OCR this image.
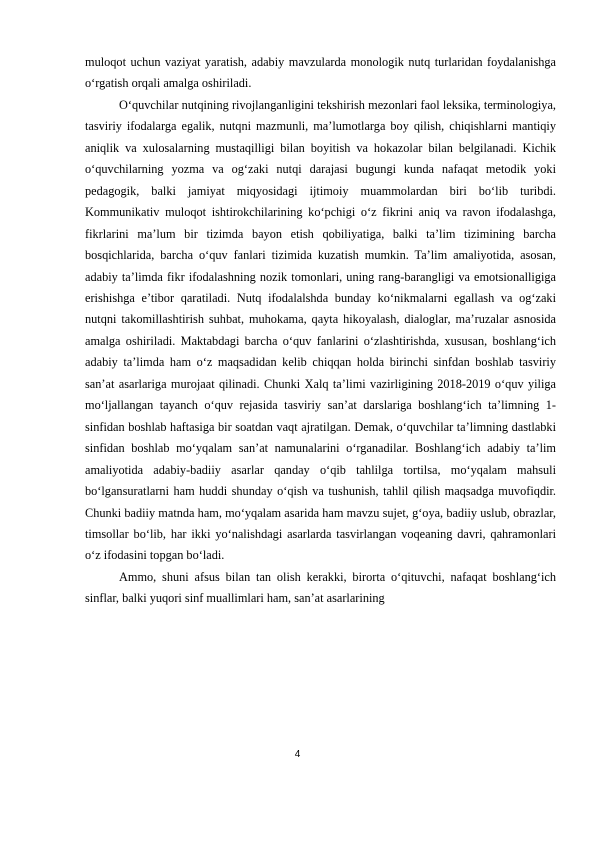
muloqot uchun vaziyat yaratish, adabiy mavzularda monologik nutq turlaridan foydalanishga o‘rgatish orqali amalga oshiriladi.

O‘quvchilar nutqining rivojlanganligini tekshirish mezonlari faol leksika, terminologiya, tasviriy ifodalarga egalik, nutqni mazmunli, ma’lumotlarga boy qilish, chiqishlarni mantiqiy aniqlik va xulosalarning mustaqilligi bilan boyitish va hokazolar bilan belgilanadi. Kichik o‘quvchilarning yozma va og‘zaki nutqi darajasi bugungi kunda nafaqat metodik yoki pedagogik, balki jamiyat miqyosidagi ijtimoiy muammolardan biri bo‘lib turibdi. Kommunikativ muloqot ishtirokchilarining ko‘pchigi o‘z fikrini aniq va ravon ifodalashga, fikrlarini ma’lum bir tizimda bayon etish qobiliyatiga, balki ta’lim tizimining barcha bosqichlarida, barcha o‘quv fanlari tizimida kuzatish mumkin. Ta’lim amaliyotida, asosan, adabiy ta’limda fikr ifodalashning nozik tomonlari, uning rang-barangligi va emotsionalligiga erishishga e’tibor qaratiladi. Nutq ifodalalshda bunday ko‘nikmalarni egallash va og‘zaki nutqni takomillashtirish suhbat, muhokama, qayta hikoyalash, dialoglar, ma’ruzalar asnosida amalga oshiriladi. Maktabdagi barcha o‘quv fanlarini o‘zlashtirishda, xususan, boshlang‘ich adabiy ta’limda ham o‘z maqsadidan kelib chiqqan holda birinchi sinfdan boshlab tasviriy san’at asarlariga murojaat qilinadi. Chunki Xalq ta’limi vazirligining 2018-2019 o‘quv yiliga mo‘ljallangan tayanch o‘quv rejasida tasviriy san’at darslariga boshlang‘ich ta’limning 1-sinfidan boshlab haftasiga bir soatdan vaqt ajratilgan. Demak, o‘quvchilar ta’limning dastlabki sinfidan boshlab mo‘yqalam san’at namunalarini o‘rganadilar. Boshlang‘ich adabiy ta’lim amaliyotida adabiy-badiiy asarlar qanday o‘qib tahlilga tortilsa, mo‘yqalam mahsuli bo‘lgansuratlarni ham huddi shunday o‘qish va tushunish, tahlil qilish maqsadga muvofiqdir. Chunki badiiy matnda ham, mo‘yqalam asarida ham mavzu sujet, g‘oya, badiiy uslub, obrazlar, timsollar bo‘lib, har ikki yo‘nalishdagi asarlarda tasvirlangan voqeaning davri, qahramonlari o‘z ifodasini topgan bo‘ladi.

Ammo, shuni afsus bilan tan olish kerakki, birorta o‘qituvchi, nafaqat boshlang‘ich sinflar, balki yuqori sinf muallimlari ham, san’at asarlarining

4
